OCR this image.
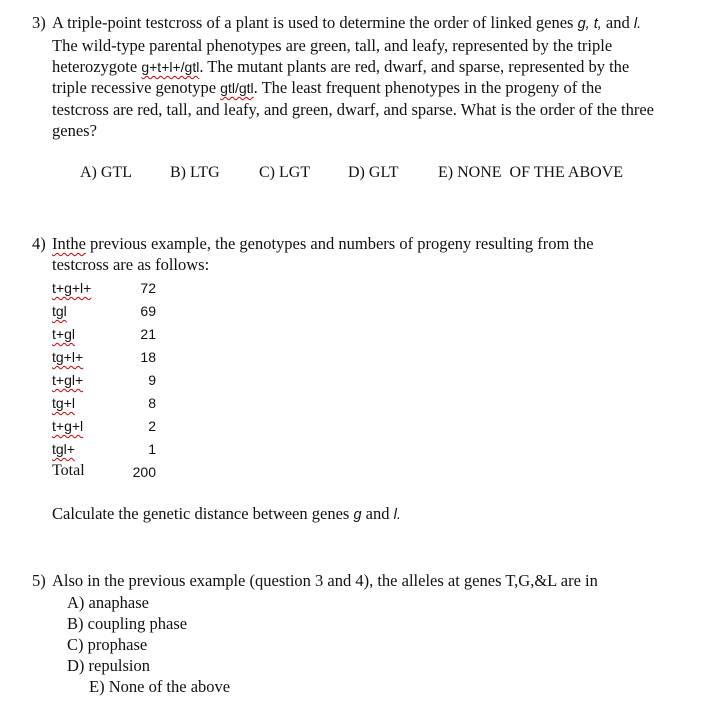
3) A triple-point testcross of a plant is used to determine the order of linked genes g, t, and l.
The wild-type parental phenotypes are green, tall, and leafy, represented by the triple
heterozygote g+t+l+/gtl. The mutant plants are red, dwarf, and sparse, represented by the
triple recessive genotype gtl/gtl. The least frequent phenotypes in the progeny of the
testcross are red, tall, and leafy, and green, dwarf, and sparse. What is the order of the three
genes?
A) GTL B) LTG C) LGT D) GLT E) NONE  OF THE ABOVE
4) Inthe previous example, the genotypes and numbers of progeny resulting from the
testcross are as follows:
t+g+l+	72
tgl	69
t+gl	21
tg+l+	18
t+gl+	9
tg+l	8
t+g+l	2
tgl+	1
Total	200
Calculate the genetic distance between genes g and l.
5) Also in the previous example (question 3 and 4), the alleles at genes T,G,&L are in
A) anaphase
B) coupling phase
C) prophase
D) repulsion
E) None of the above
